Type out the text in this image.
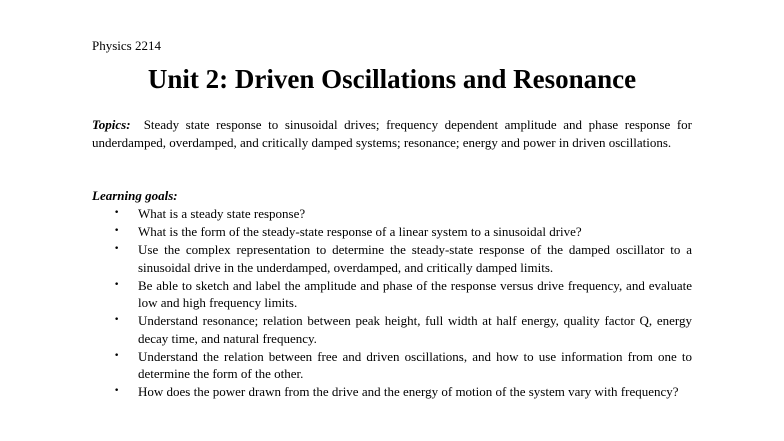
Physics 2214
Unit 2: Driven Oscillations and Resonance

Topics: Steady state response to sinusoidal drives; frequency dependent amplitude and phase response for underdamped, overdamped, and critically damped systems; resonance; energy and power in driven oscillations.

Learning goals:
• What is a steady state response?
• What is the form of the steady-state response of a linear system to a sinusoidal drive?
• Use the complex representation to determine the steady-state response of the damped oscillator to a sinusoidal drive in the underdamped, overdamped, and critically damped limits.
• Be able to sketch and label the amplitude and phase of the response versus drive frequency, and evaluate low and high frequency limits.
• Understand resonance; relation between peak height, full width at half energy, quality factor Q, energy decay time, and natural frequency.
• Understand the relation between free and driven oscillations, and how to use information from one to determine the form of the other.
• How does the power drawn from the drive and the energy of motion of the system vary with frequency?
